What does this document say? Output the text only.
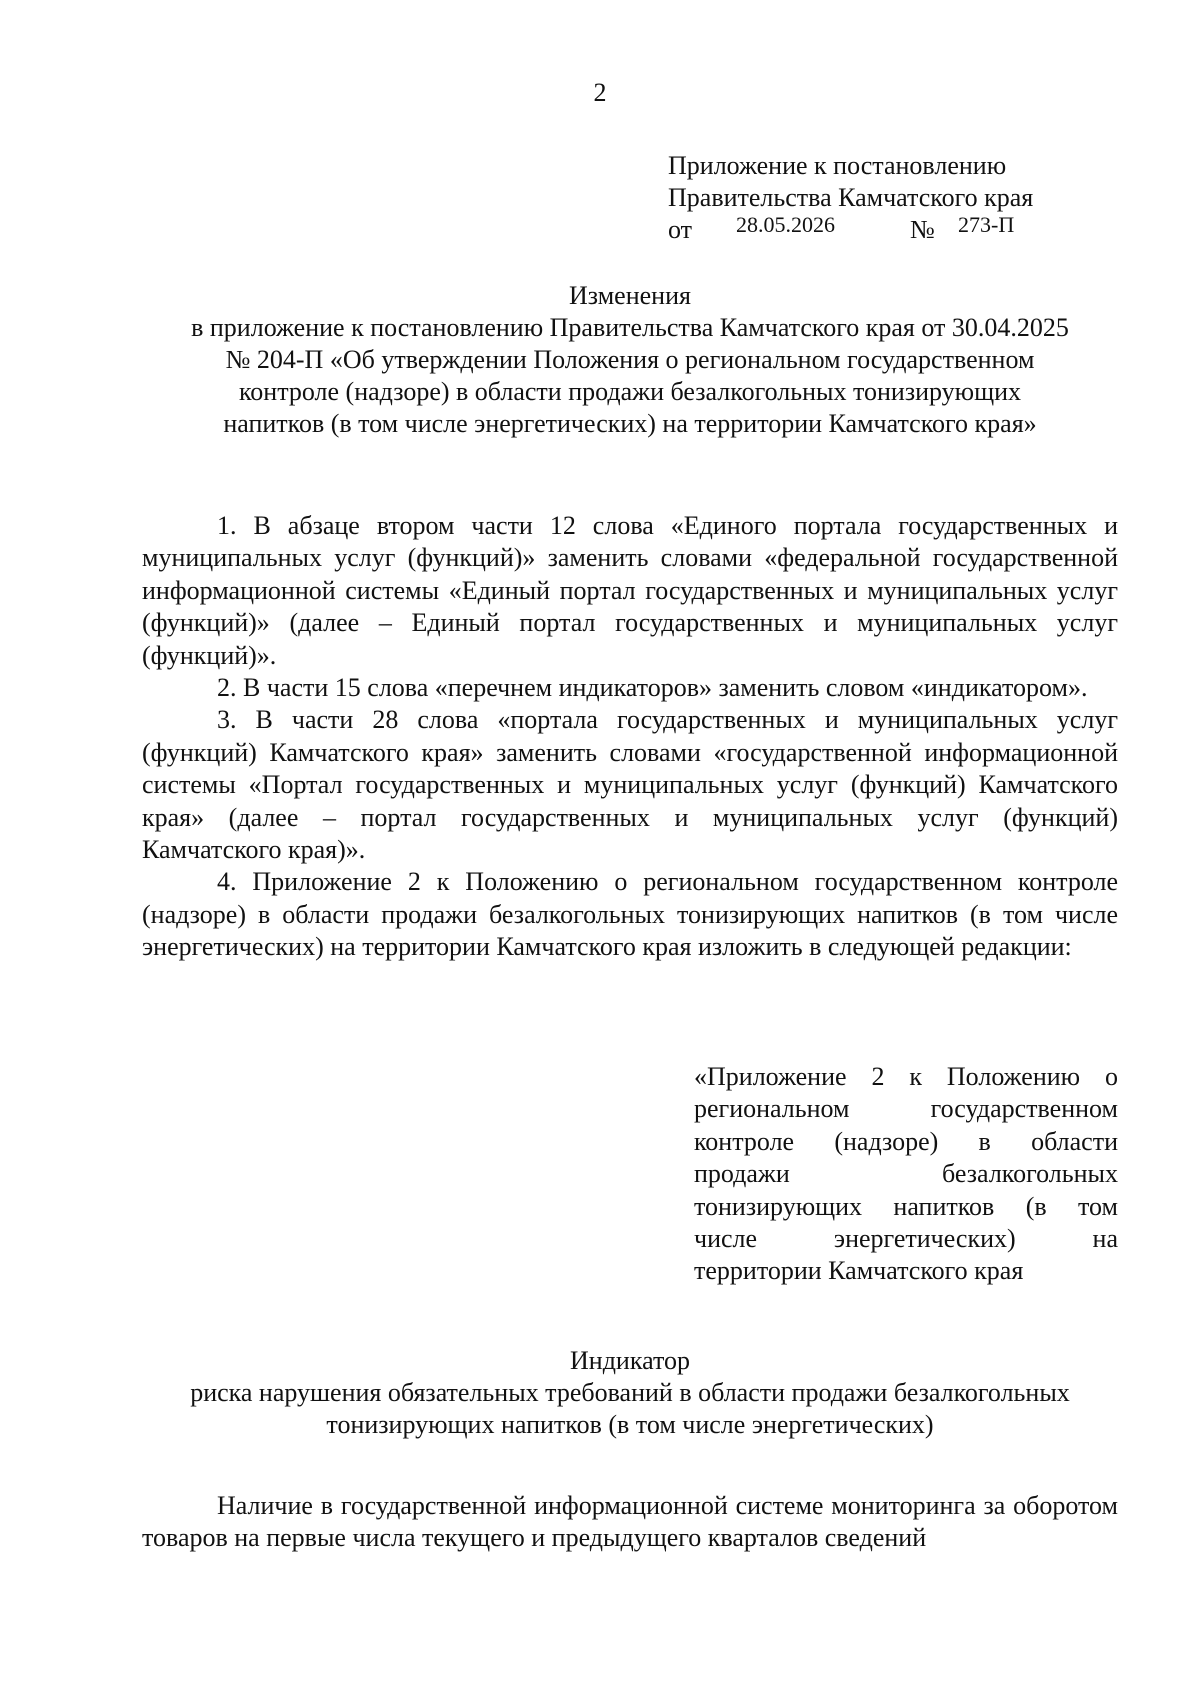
2
Приложение к постановлению
Правительства Камчатского края
от	28.05.2026	№	273-П
Изменения
в приложение к постановлению Правительства Камчатского края от 30.04.2025
№ 204-П «Об утверждении Положения о региональном государственном
контроле (надзоре) в области продажи безалкогольных тонизирующих
напитков (в том числе энергетических) на территории Камчатского края»

1. В абзаце втором части 12 слова «Единого портала государственных и муниципальных услуг (функций)» заменить словами «федеральной государственной информационной системы «Единый портал государственных и муниципальных услуг (функций)» (далее – Единый портал государственных и муниципальных услуг (функций)».

2. В части 15 слова «перечнем индикаторов» заменить словом «индикатором».

3. В части 28 слова «портала государственных и муниципальных услуг (функций) Камчатского края» заменить словами «государственной информационной системы «Портал государственных и муниципальных услуг (функций) Камчатского края» (далее – портал государственных и муниципальных услуг (функций) Камчатского края)».

4. Приложение 2 к Положению о региональном государственном контроле (надзоре) в области продажи безалкогольных тонизирующих напитков (в том числе энергетических) на территории Камчатского края изложить в следующей редакции:

«Приложение 2 к Положению о
региональном государственном
контроле (надзоре) в области
продажи безалкогольных
тонизирующих напитков (в том
числе энергетических) на
территории Камчатского края
Индикатор
риска нарушения обязательных требований в области продажи безалкогольных
тонизирующих напитков (в том числе энергетических)

Наличие в государственной информационной системе мониторинга за оборотом товаров на первые числа текущего и предыдущего кварталов сведений
